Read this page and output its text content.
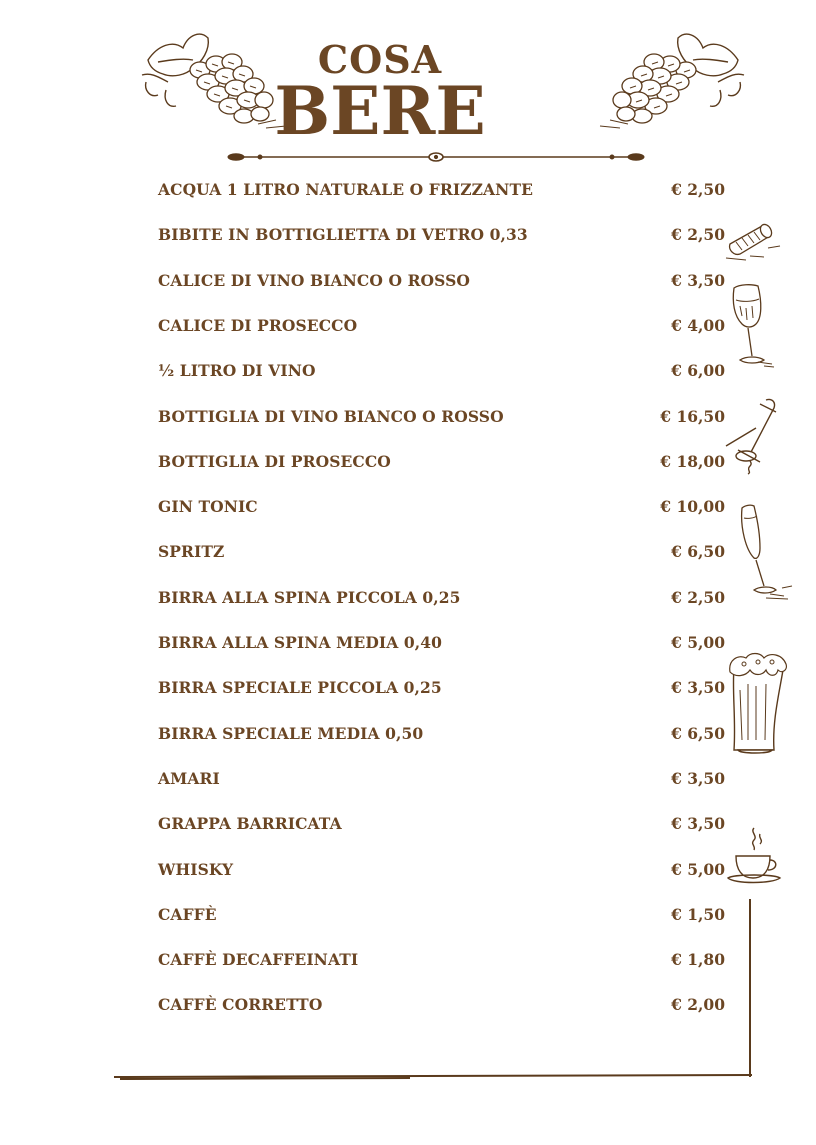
COSA
BERE
ACQUA 1 LITRO NATURALE O FRIZZANTE	€ 2,50
BIBITE IN BOTTIGLIETTA DI VETRO 0,33	€ 2,50
CALICE DI VINO BIANCO O ROSSO	€ 3,50
CALICE DI PROSECCO	€ 4,00
½ LITRO DI VINO	€ 6,00
BOTTIGLIA DI VINO BIANCO O ROSSO	€ 16,50
BOTTIGLIA DI PROSECCO	€ 18,00
GIN TONIC	€ 10,00
SPRITZ	€ 6,50
BIRRA ALLA SPINA PICCOLA 0,25	€ 2,50
BIRRA ALLA SPINA MEDIA 0,40	€ 5,00
BIRRA SPECIALE PICCOLA 0,25	€ 3,50
BIRRA SPECIALE MEDIA 0,50	€ 6,50
AMARI	€ 3,50
GRAPPA BARRICATA	€ 3,50
WHISKY	€ 5,00
CAFFÈ	€ 1,50
CAFFÈ DECAFFEINATI	€ 1,80
CAFFÈ CORRETTO	€ 2,00
